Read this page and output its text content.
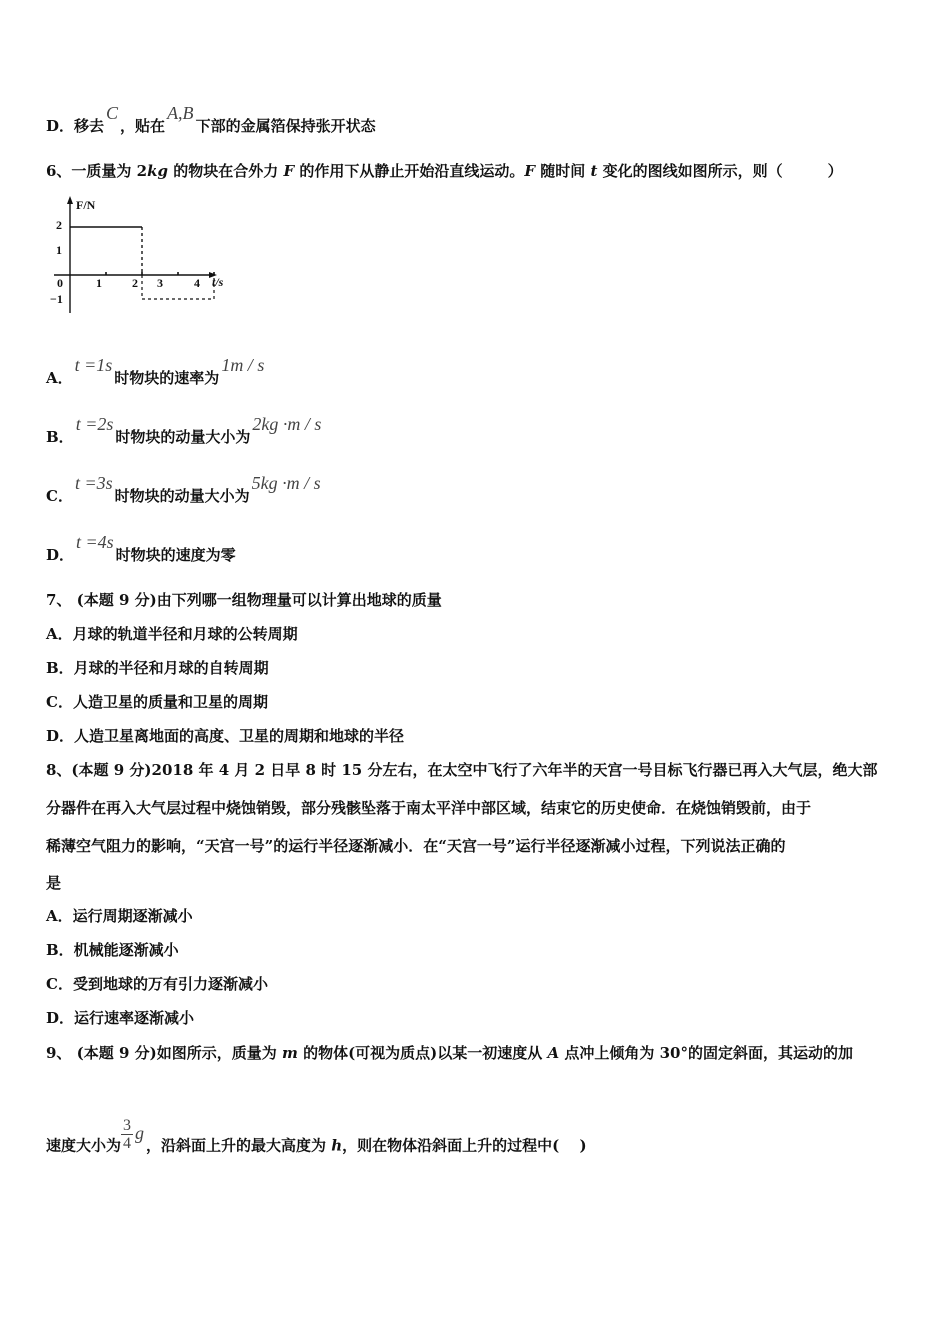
D．移去C，贴在A,B下部的金属箔保持张开状态
6、一质量为 2kg 的物块在合外力 F 的作用下从静止开始沿直线运动。F 随时间 t 变化的图线如图所示，则（　　　）
F/N
t/s
2
1
0
−1
1	2 3	4
A．t =1s时物块的速率为1m / s
B．t =2s时物块的动量大小为2kg ·m / s
C．t =3s时物块的动量大小为5kg ·m / s
D．t =4s时物块的速度为零
7、 (本题 9 分)由下列哪一组物理量可以计算出地球的质量
A．月球的轨道半径和月球的公转周期
B．月球的半径和月球的自转周期
C．人造卫星的质量和卫星的周期
D．人造卫星离地面的高度、卫星的周期和地球的半径
8、(本题 9 分)2018 年 4 月 2 日早 8 时 15 分左右，在太空中飞行了六年半的天宫一号目标飞行器已再入大气层，绝大部
分器件在再入大气层过程中烧蚀销毁，部分残骸坠落于南太平洋中部区域，结束它的历史使命．在烧蚀销毁前，由于
稀薄空气阻力的影响，“天宫一号”的运行半径逐渐减小．在“天宫一号”运行半径逐渐减小过程，下列说法正确的
是
A．运行周期逐渐减小
B．机械能逐渐减小
C．受到地球的万有引力逐渐减小
D．运行速率逐渐减小
9、 (本题 9 分)如图所示，质量为 m 的物体(可视为质点)以某一初速度从 A 点冲上倾角为 30°的固定斜面，其运动的加
速度大小为 $\frac{3}{4}$ g，沿斜面上升的最大高度为 h，则在物体沿斜面上升的过程中(　 )
